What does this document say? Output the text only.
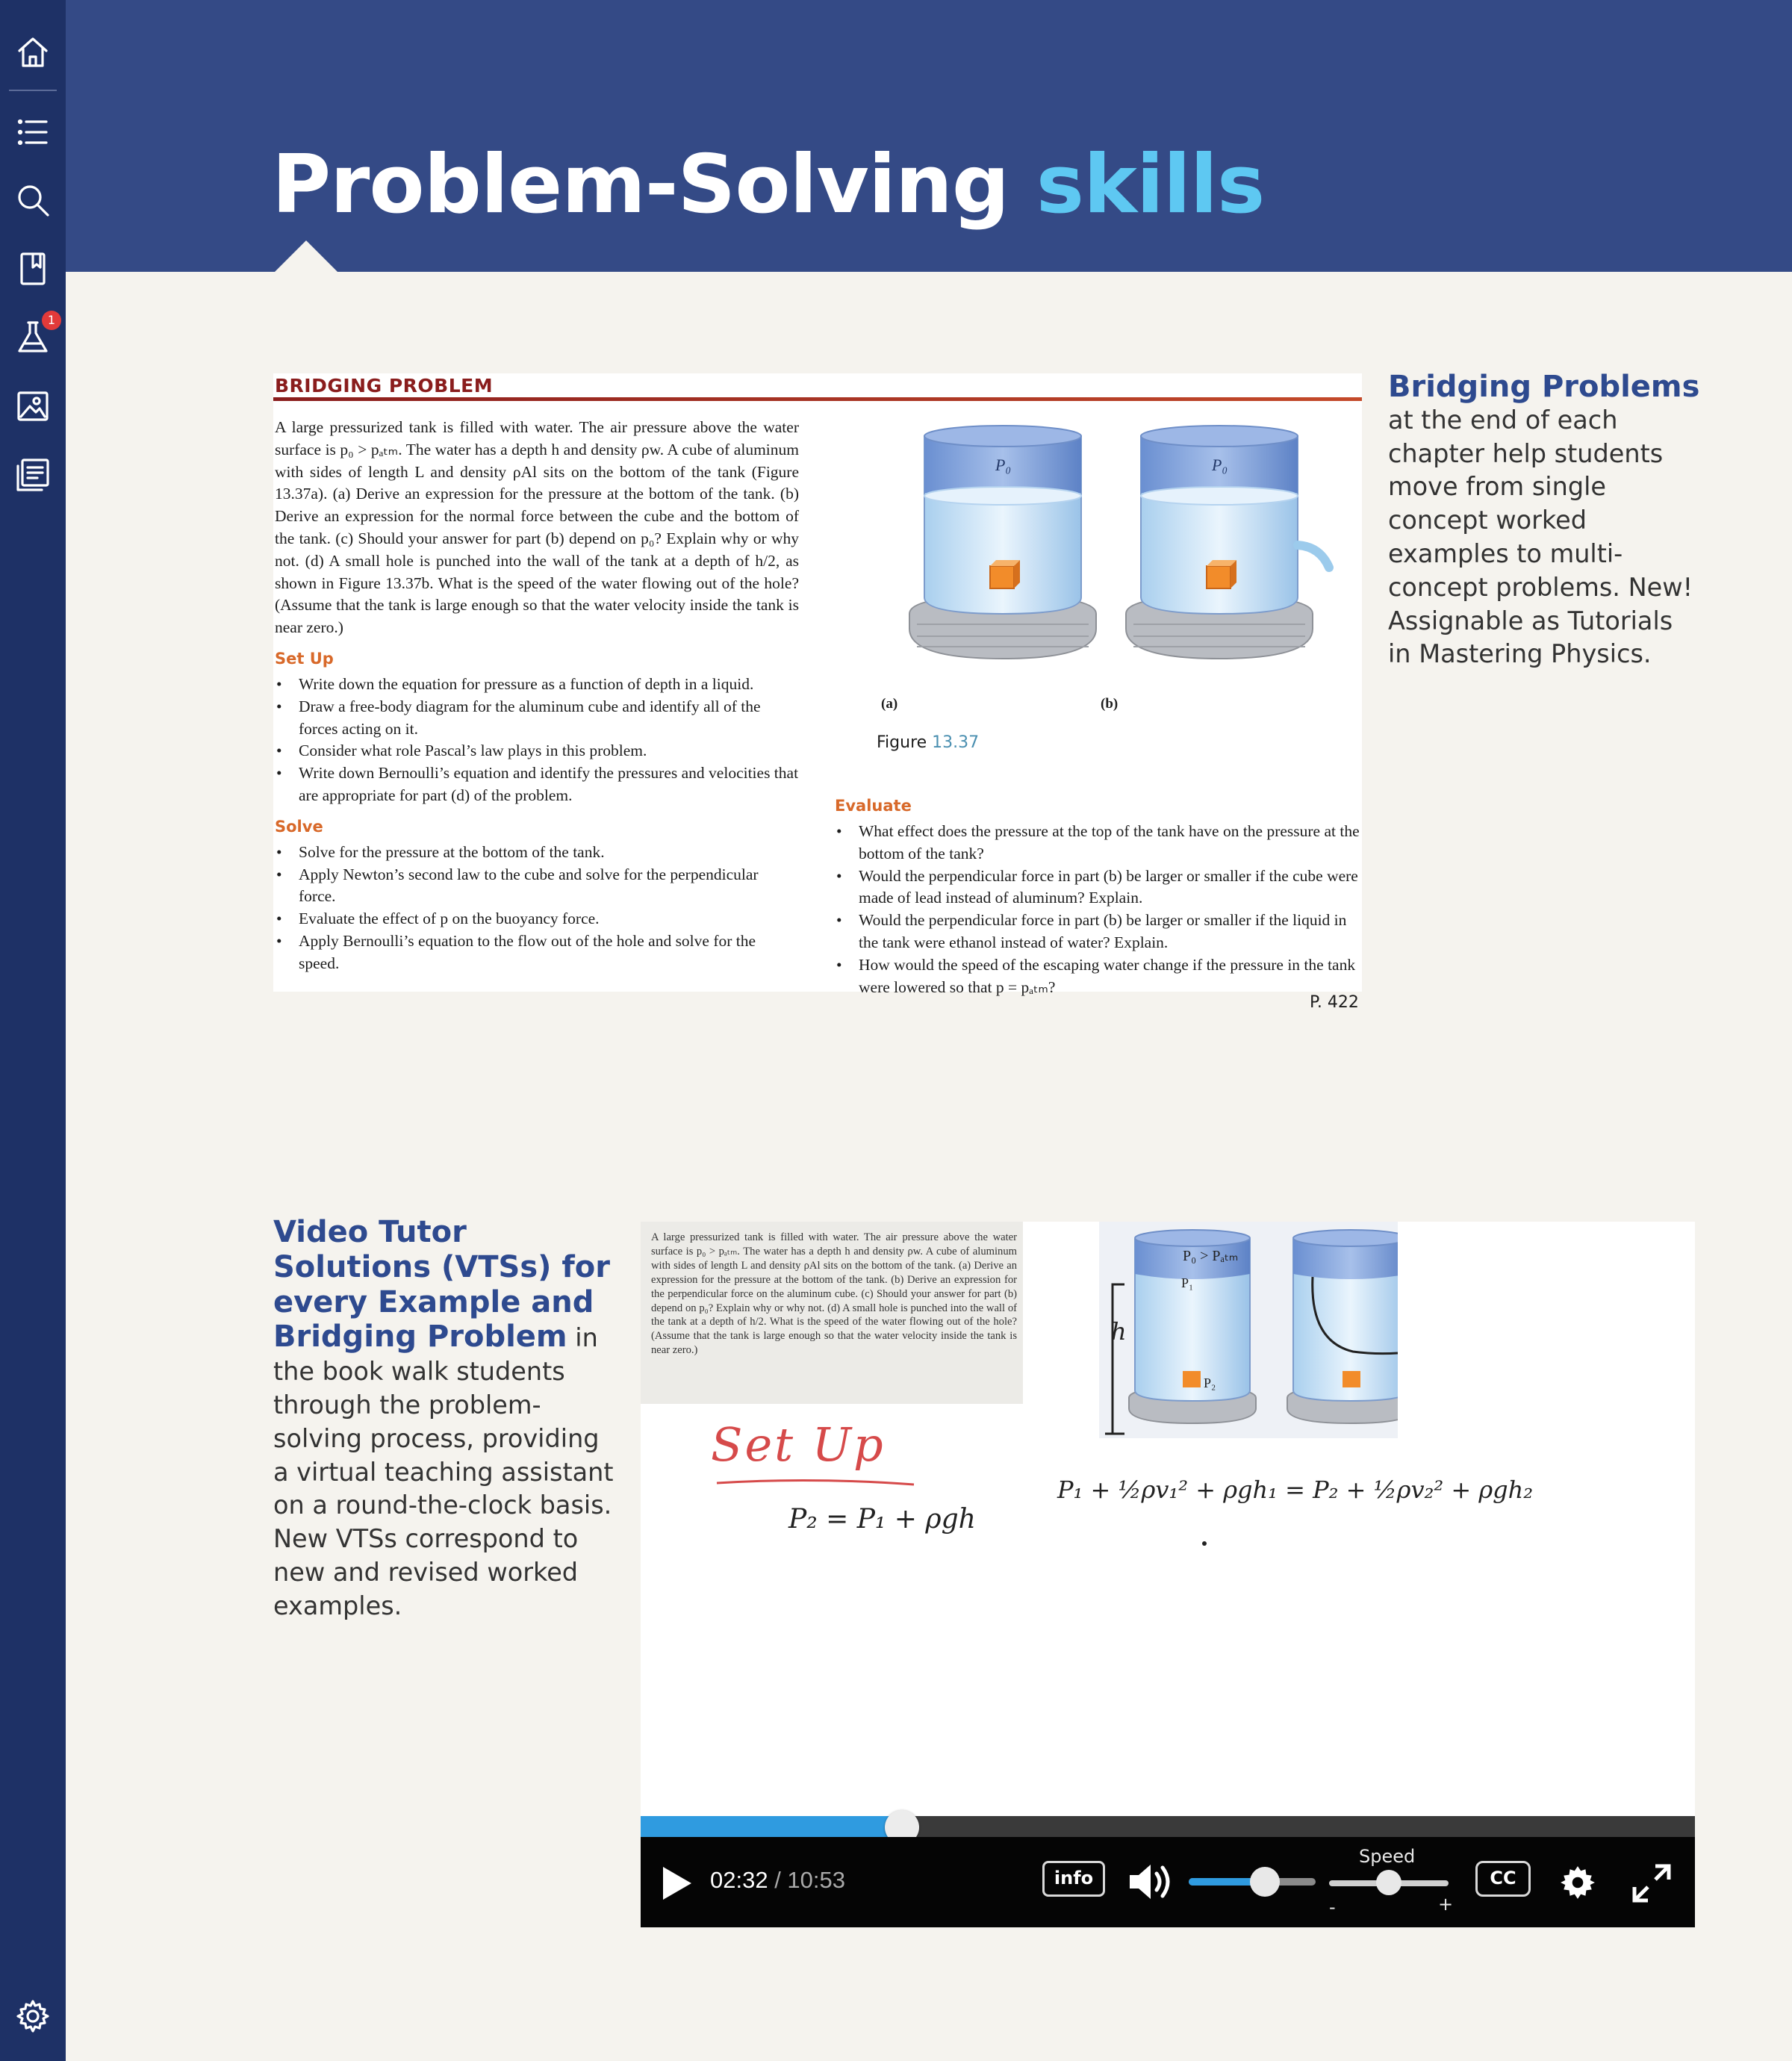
1
Problem-Solving skills
BRIDGING PROBLEM

A large pressurized tank is filled with water. The air pressure above the water surface is p₀ > pₐₜₘ. The water has a depth h and density ρw. A cube of aluminum with sides of length L and density ρAl sits on the bottom of the tank (Figure 13.37a). (a) Derive an expression for the pressure at the bottom of the tank. (b) Derive an expression for the normal force between the cube and the bottom of the tank. (c) Should your answer for part (b) depend on p₀? Explain why or why not. (d) A small hole is punched into the wall of the tank at a depth of h/2, as shown in Figure 13.37b. What is the speed of the water flowing out of the hole? (Assume that the tank is large enough so that the water velocity inside the tank is near zero.)

Set Up
• Write down the equation for pressure as a function of depth in a liquid.
• Draw a free-body diagram for the aluminum cube and identify all of the forces acting on it.
• Consider what role Pascal’s law plays in this problem.
• Write down Bernoulli’s equation and identify the pressures and velocities that are appropriate for part (d) of the problem.
Solve
• Solve for the pressure at the bottom of the tank.
• Apply Newton’s second law to the cube and solve for the perpendicular force.
• Evaluate the effect of p on the buoyancy force.
• Apply Bernoulli’s equation to the flow out of the hole and solve for the speed.
P₀	P₀
(a)	(b)
Figure 13.37
Evaluate
• What effect does the pressure at the top of the tank have on the pressure at the bottom of the tank?
• Would the perpendicular force in part (b) be larger or smaller if the cube were made of lead instead of aluminum? Explain.
• Would the perpendicular force in part (b) be larger or smaller if the liquid in the tank were ethanol instead of water? Explain.
• How would the speed of the escaping water change if the pressure in the tank were lowered so that p = pₐₜₘ?
P. 422
Bridging Problems
at the end of each chapter help students move from single concept worked examples to multi-concept problems. New! Assignable as Tutorials in Mastering Physics.
Video Tutor Solutions (VTSs) for every Example and Bridging Problem in the book walk students through the problem-solving process, providing a virtual teaching assistant on a round-the-clock basis. New VTSs correspond to new and revised worked examples.
A large pressurized tank is filled with water. The air pressure above the water surface is p₀ > pₐₜₘ. The water has a depth h and density ρw. A cube of aluminum with sides of length L and density ρAl sits on the bottom of the tank. (a) Derive an expression for the pressure at the bottom of the tank. (b) Derive an expression for the perpendicular force on the aluminum cube. (c) Should your answer for part (b) depend on p₀? Explain why or why not. (d) A small hole is punched into the wall of the tank at a depth of h/2. What is the speed of the water flowing out of the hole? (Assume that the tank is large enough so that the water velocity inside the tank is near zero.)
P₀ > Pₐₜₘ
P₁
P₂
h
Set Up
P₂ = P₁ + ρgh
P₁ + ½ρv₁² + ρgh₁ = P₂ + ½ρv₂² + ρgh₂
02:32 / 10:53	info
Speed
-	+
CC
